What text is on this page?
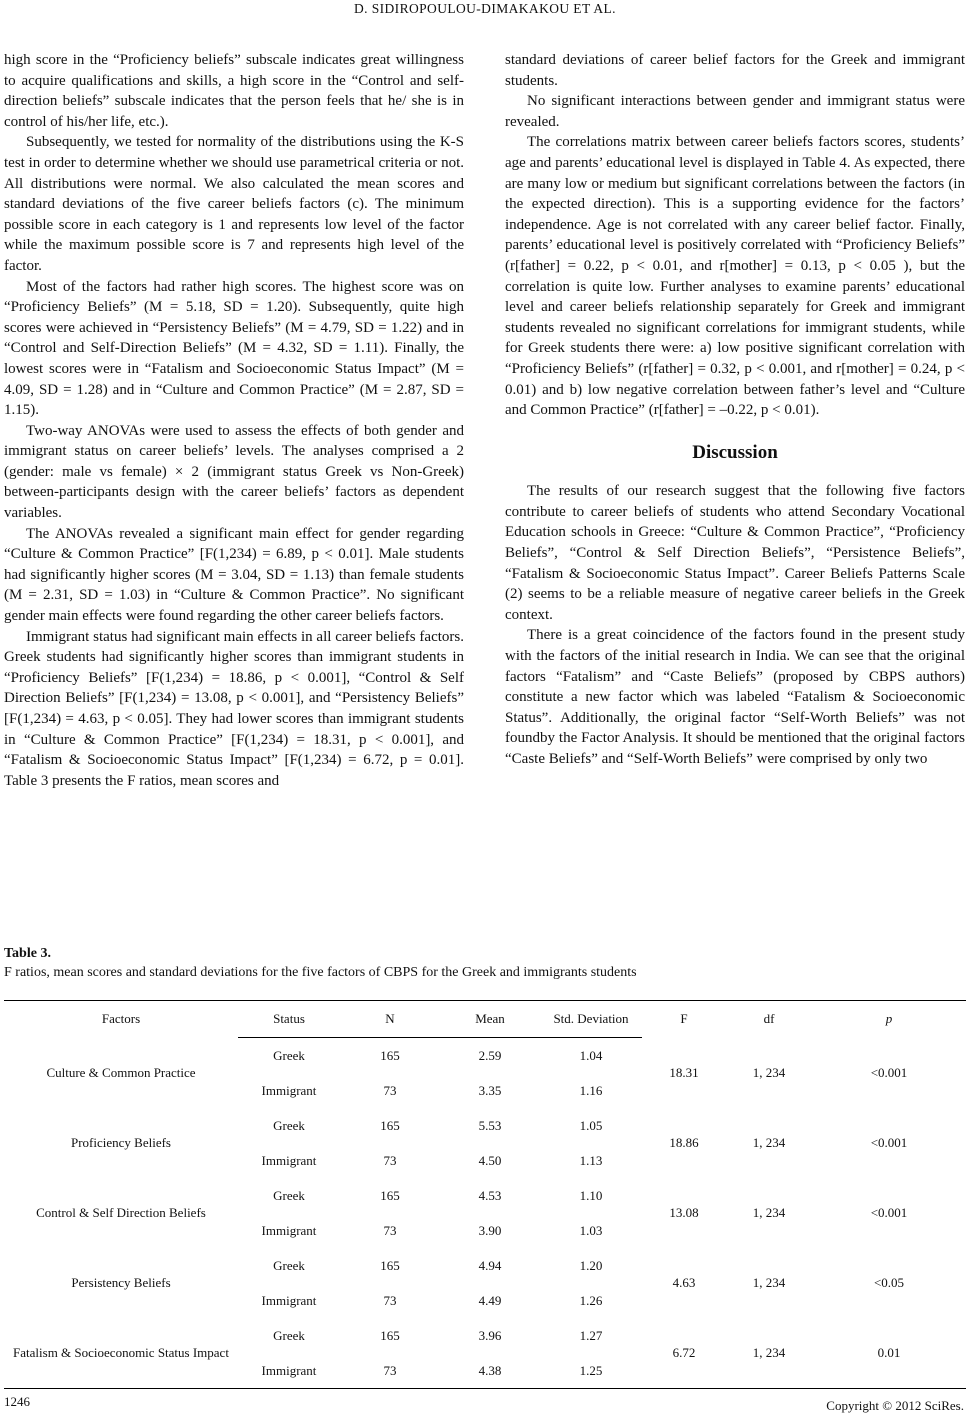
D. SIDIROPOULOU-DIMAKAKOU ET AL.

high score in the “Proficiency beliefs” subscale indicates great willingness to acquire qualifications and skills, a high score in the “Control and self-direction beliefs” subscale indicates that the person feels that he/ she is in control of his/her life, etc.).

Subsequently, we tested for normality of the distributions using the K-S test in order to determine whether we should use parametrical criteria or not. All distributions were normal. We also calculated the mean scores and standard deviations of the five career beliefs factors (c). The minimum possible score in each category is 1 and represents low level of the factor while the maximum possible score is 7 and represents high level of the factor.

Most of the factors had rather high scores. The highest score was on “Proficiency Beliefs” (M = 5.18, SD = 1.20). Subsequently, quite high scores were achieved in “Persistency Beliefs” (M = 4.79, SD = 1.22) and in “Control and Self-Direction Beliefs” (M = 4.32, SD = 1.11). Finally, the lowest scores were in “Fatalism and Socioeconomic Status Impact” (M = 4.09, SD = 1.28) and in “Culture and Common Practice” (M = 2.87, SD = 1.15).

Two-way ANOVAs were used to assess the effects of both gender and immigrant status on career beliefs’ levels. The analyses comprised a 2 (gender: male vs female) × 2 (immigrant status Greek vs Non-Greek) between-participants design with the career beliefs’ factors as dependent variables.

The ANOVAs revealed a significant main effect for gender regarding “Culture & Common Practice” [F(1,234) = 6.89, p < 0.01]. Male students had significantly higher scores (M = 3.04, SD = 1.13) than female students (M = 2.31, SD = 1.03) in “Culture & Common Practice”. No significant gender main effects were found regarding the other career beliefs factors.

Immigrant status had significant main effects in all career beliefs factors. Greek students had significantly higher scores than immigrant students in “Proficiency Beliefs” [F(1,234) = 18.86, p < 0.001], “Control & Self Direction Beliefs” [F(1,234) = 13.08, p < 0.001], and “Persistency Beliefs” [F(1,234) = 4.63, p < 0.05]. They had lower scores than immigrant students in “Culture & Common Practice” [F(1,234) = 18.31, p < 0.001], and “Fatalism & Socioeconomic Status Impact” [F(1,234) = 6.72, p = 0.01]. Table 3 presents the F ratios, mean scores and

standard deviations of career belief factors for the Greek and immigrant students.

No significant interactions between gender and immigrant status were revealed.

The correlations matrix between career beliefs factors scores, students’ age and parents’ educational level is displayed in Table 4. As expected, there are many low or medium but significant correlations between the factors (in the expected direction). This is a supporting evidence for the factors’ independence. Age is not correlated with any career belief factor. Finally, parents’ educational level is positively correlated with “Proficiency Beliefs” (r[father] = 0.22, p < 0.01, and r[mother] = 0.13, p < 0.05 ), but the correlation is quite low. Further analyses to examine parents’ educational level and career beliefs relationship separately for Greek and immigrant students revealed no significant correlations for immigrant students, while for Greek students there were: a) low positive significant correlation with “Proficiency Beliefs” (r[father] = 0.32, p < 0.001, and r[mother] = 0.24, p < 0.01) and b) low negative correlation between father’s level and “Culture and Common Practice” (r[father] = –0.22, p < 0.01).

Discussion

The results of our research suggest that the following five factors contribute to career beliefs of students who attend Secondary Vocational Education schools in Greece: “Culture & Common Practice”, “Proficiency Beliefs”, “Control & Self Direction Beliefs”, “Persistence Beliefs”, “Fatalism & Socioeconomic Status Impact”. Career Beliefs Patterns Scale (2) seems to be a reliable measure of negative career beliefs in the Greek context.

There is a great coincidence of the factors found in the present study with the factors of the initial research in India. We can see that the original factors “Fatalism” and “Caste Beliefs” (proposed by CBPS authors) constitute a new factor which was labeled “Fatalism & Socioeconomic Status”. Additionally, the original factor “Self-Worth Beliefs” was not foundby the Factor Analysis. It should be mentioned that the original factors “Caste Beliefs” and “Self-Worth Beliefs” were comprised by only two

Table 3.
F ratios, mean scores and standard deviations for the five factors of CBPS for the Greek and immigrants students
Factors	Status	N	Mean	Std. Deviation	F	df	p
Culture & Common Practice	Greek	165	2.59	1.04	18.31	1, 234	<0.001
	Immigrant	73	3.35	1.16			
Proficiency Beliefs	Greek	165	5.53	1.05	18.86	1, 234	<0.001
	Immigrant	73	4.50	1.13			
Control & Self Direction Beliefs	Greek	165	4.53	1.10	13.08	1, 234	<0.001
	Immigrant	73	3.90	1.03			
Persistency Beliefs	Greek	165	4.94	1.20	4.63	1, 234	<0.05
	Immigrant	73	4.49	1.26			
Fatalism & Socioeconomic Status Impact	Greek	165	3.96	1.27	6.72	1, 234	0.01
	Immigrant	73	4.38	1.25			
1246	Copyright © 2012 SciRes.
